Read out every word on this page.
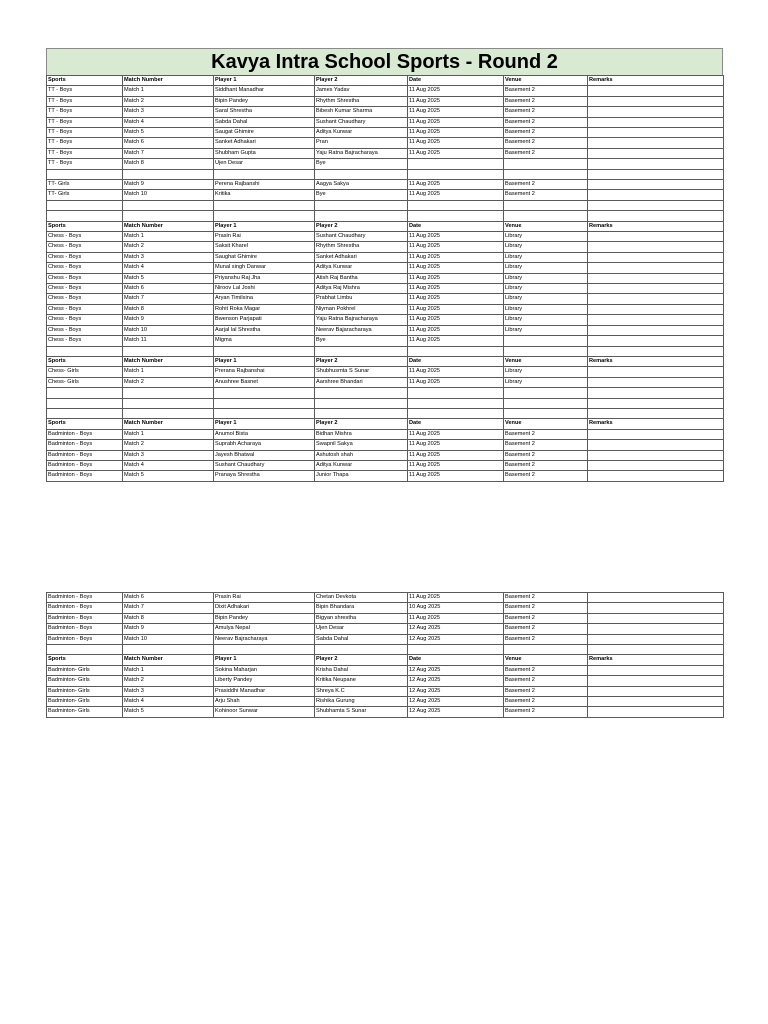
Kavya Intra School Sports - Round 2
Sports	Match Number	Player 1	Player 2	Date	Venue	Remarks
TT - Boys	Match 1	Siddhant Manadhar	James Yadav	11 Aug 2025	Basement 2	
TT - Boys	Match 2	Bipin Pandey	Rhythm Shrestha	11 Aug 2025	Basement 2	
TT - Boys	Match 3	Saral Shrestha	Bibesh Kumar Sharma	11 Aug 2025	Basement 2	
TT - Boys	Match 4	Sabda Dahal	Sushant Chaudhary	11 Aug 2025	Basement 2	
TT - Boys	Match 5	Saugat Ghimire	Aditya Kunwar	11 Aug 2025	Basement 2	
TT - Boys	Match 6	Sanket Adhakari	Pran	11 Aug 2025	Basement 2	
TT - Boys	Match 7	Shubham Gupta	Yaju Ratna Bajracharaya	11 Aug 2025	Basement 2	
TT - Boys	Match 8	Ujen Desar	Bye			

TT- Girls	Match 9	Perena Rajbanshi	Aagya Sakya	11 Aug 2025	Basement 2	
TT- Girls	Match 10	Kritika	Bye	11 Aug 2025	Basement 2	

Sports	Match Number	Player 1	Player 2	Date	Venue	Remarks
Chess - Boys	Match 1	Prasin Rai	Sushant Chaudhary	11 Aug 2025	Library	
Chess - Boys	Match 2	Saksit Kharel	Rhythm Shrestha	11 Aug 2025	Library	
Chess - Boys	Match 3	Saughat Ghimire	Sanket Adhakari	11 Aug 2025	Library	
Chess - Boys	Match 4	Munal singh Danwar	Aditya Kunwar	11 Aug 2025	Library	
Chess - Boys	Match 5	Priyanshu Raj Jha	Atish Raj Bantha	11 Aug 2025	Library	
Chess - Boys	Match 6	Niroov Lal Joshi	Aditya Raj Mishra	11 Aug 2025	Library	
Chess - Boys	Match 7	Aryan Timilsina	Prabhat Limbu	11 Aug 2025	Library	
Chess - Boys	Match 8	Rohit Roka Magar	Niyman Pokhrel	11 Aug 2025	Library	
Chess - Boys	Match 9	Bwenson Parjapati	Yaju Ratna Bajracharaya	11 Aug 2025	Library	
Chess - Boys	Match 10	Aarjal lal Shrestha	Neerav Bajaracharaya	11 Aug 2025	Library	
Chess - Boys	Match 11	Migma	Bye	11 Aug 2025		

Sports	Match Number	Player 1	Player 2	Date	Venue	Remarks
Chess- Girls	Match 1	Prerana Rajbanshai	Shubhusmta S Sunar	11 Aug 2025	Library	
Chess- Girls	Match 2	Anushree Basnet	Aarshree Bhandari	11 Aug 2025	Library	

Sports	Match Number	Player 1	Player 2	Date	Venue	Remarks
Badminton - Boys	Match 1	Anumol Bista	Bidhan Mishra	11 Aug 2025	Basement 2	
Badminton - Boys	Match 2	Suprabh Acharaya	Swapnil Sakya	11 Aug 2025	Basement 2	
Badminton - Boys	Match 3	Jayesh Bhatwal	Ashutosh shah	11 Aug 2025	Basement 2	
Badminton - Boys	Match 4	Sushant Chaudhary	Aditya Kunwar	11 Aug 2025	Basement 2	
Badminton - Boys	Match 5	Pranaya Shrestha	Junior Thapa	11 Aug 2025	Basement 2	
Badminton - Boys	Match 6	Prasin Rai	Chetan Devkota	11 Aug 2025	Basement 2	
Badminton - Boys	Match 7	Dixit Adhakari	Bipin Bhandara	10 Aug 2025	Basement 2	
Badminton - Boys	Match 8	Bipin Pandey	Bigyan shrestha	11 Aug 2025	Basement 2	
Badminton - Boys	Match 9	Amulya Nepal	Ujen Desar	12 Aug 2025	Basement 2	
Badminton - Boys	Match 10	Neerav Bajracharaya	Sabda Dahal	12 Aug 2025	Basement 2	

Sports	Match Number	Player 1	Player 2	Date	Venue	Remarks
Badminton- Girls	Match 1	Sokina Maharjan	Krisha Dahal	12 Aug 2025	Basement 2	
Badminton- Girls	Match 2	Liberty Pandey	Kritika Neupane	12 Aug 2025	Basement 2	
Badminton- Girls	Match 3	Prasiddhi Manadhar	Shreya K.C	12 Aug 2025	Basement 2	
Badminton- Girls	Match 4	Arju Shah	Rishika Gurung	12 Aug 2025	Basement 2	
Badminton- Girls	Match 5	Kohinoor Sunwar	Shubhamta S Sunar	12 Aug 2025	Basement 2	
